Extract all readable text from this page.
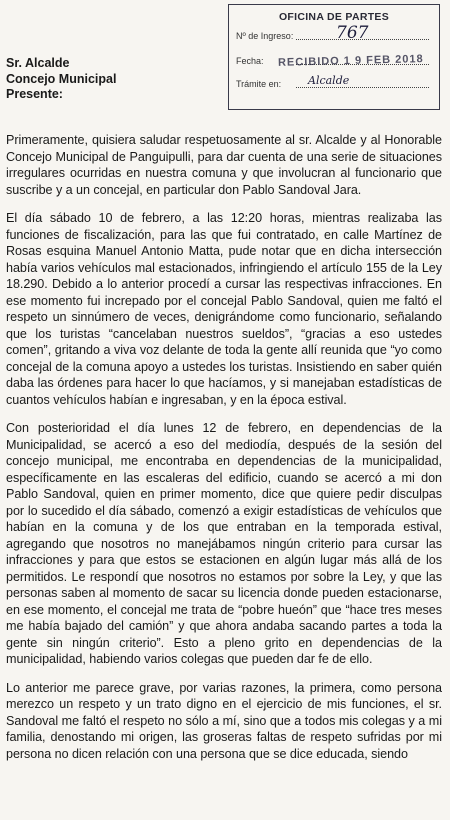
OFICINA DE PARTES
Nº de Ingreso:	767
Fecha:
Trámite en: Alcalde
RECIBIDO 1 9 FEB 2018
Sr. Alcalde
Concejo Municipal
Presente:

Primeramente, quisiera saludar respetuosamente al sr. Alcalde y al Honorable Concejo Municipal de Panguipulli, para dar cuenta de una serie de situaciones irregulares ocurridas en nuestra comuna y que involucran al funcionario que suscribe y a un concejal, en particular don Pablo Sandoval Jara.

El día sábado 10 de febrero, a las 12:20 horas, mientras realizaba las funciones de fiscalización, para las que fui contratado, en calle Martínez de Rosas esquina Manuel Antonio Matta, pude notar que en dicha intersección había varios vehículos mal estacionados, infringiendo el artículo 155 de la Ley 18.290. Debido a lo anterior procedí a cursar las respectivas infracciones. En ese momento fui increpado por el concejal Pablo Sandoval, quien me faltó el respeto un sinnúmero de veces, denigrándome como funcionario, señalando que los turistas “cancelaban nuestros sueldos”, “gracias a eso ustedes comen”, gritando a viva voz delante de toda la gente allí reunida que “yo como concejal de la comuna apoyo a ustedes los turistas. Insistiendo en saber quién daba las órdenes para hacer lo que hacíamos, y si manejaban estadísticas de cuantos vehículos habían e ingresaban, y en la época estival.

Con posterioridad el día lunes 12 de febrero, en dependencias de la Municipalidad, se acercó a eso del mediodía, después de la sesión del concejo municipal, me encontraba en dependencias de la municipalidad, específicamente en las escaleras del edificio, cuando se acercó a mi don Pablo Sandoval, quien en primer momento, dice que quiere pedir disculpas por lo sucedido el día sábado, comenzó a exigir estadísticas de vehículos que habían en la comuna y de los que entraban en la temporada estival, agregando que nosotros no manejábamos ningún criterio para cursar las infracciones y para que estos se estacionen en algún lugar más allá de los permitidos. Le respondí que nosotros no estamos por sobre la Ley, y que las personas saben al momento de sacar su licencia donde pueden estacionarse, en ese momento, el concejal me trata de “pobre hueón” que “hace tres meses me había bajado del camión” y que ahora andaba sacando partes a toda la gente sin ningún criterio”. Esto a pleno grito en dependencias de la municipalidad, habiendo varios colegas que pueden dar fe de ello.

Lo anterior me parece grave, por varias razones, la primera, como persona merezco un respeto y un trato digno en el ejercicio de mis funciones, el sr. Sandoval me faltó el respeto no sólo a mí, sino que a todos mis colegas y a mi familia, denostando mi origen, las groseras faltas de respeto sufridas por mi persona no dicen relación con una persona que se dice educada, siendo
